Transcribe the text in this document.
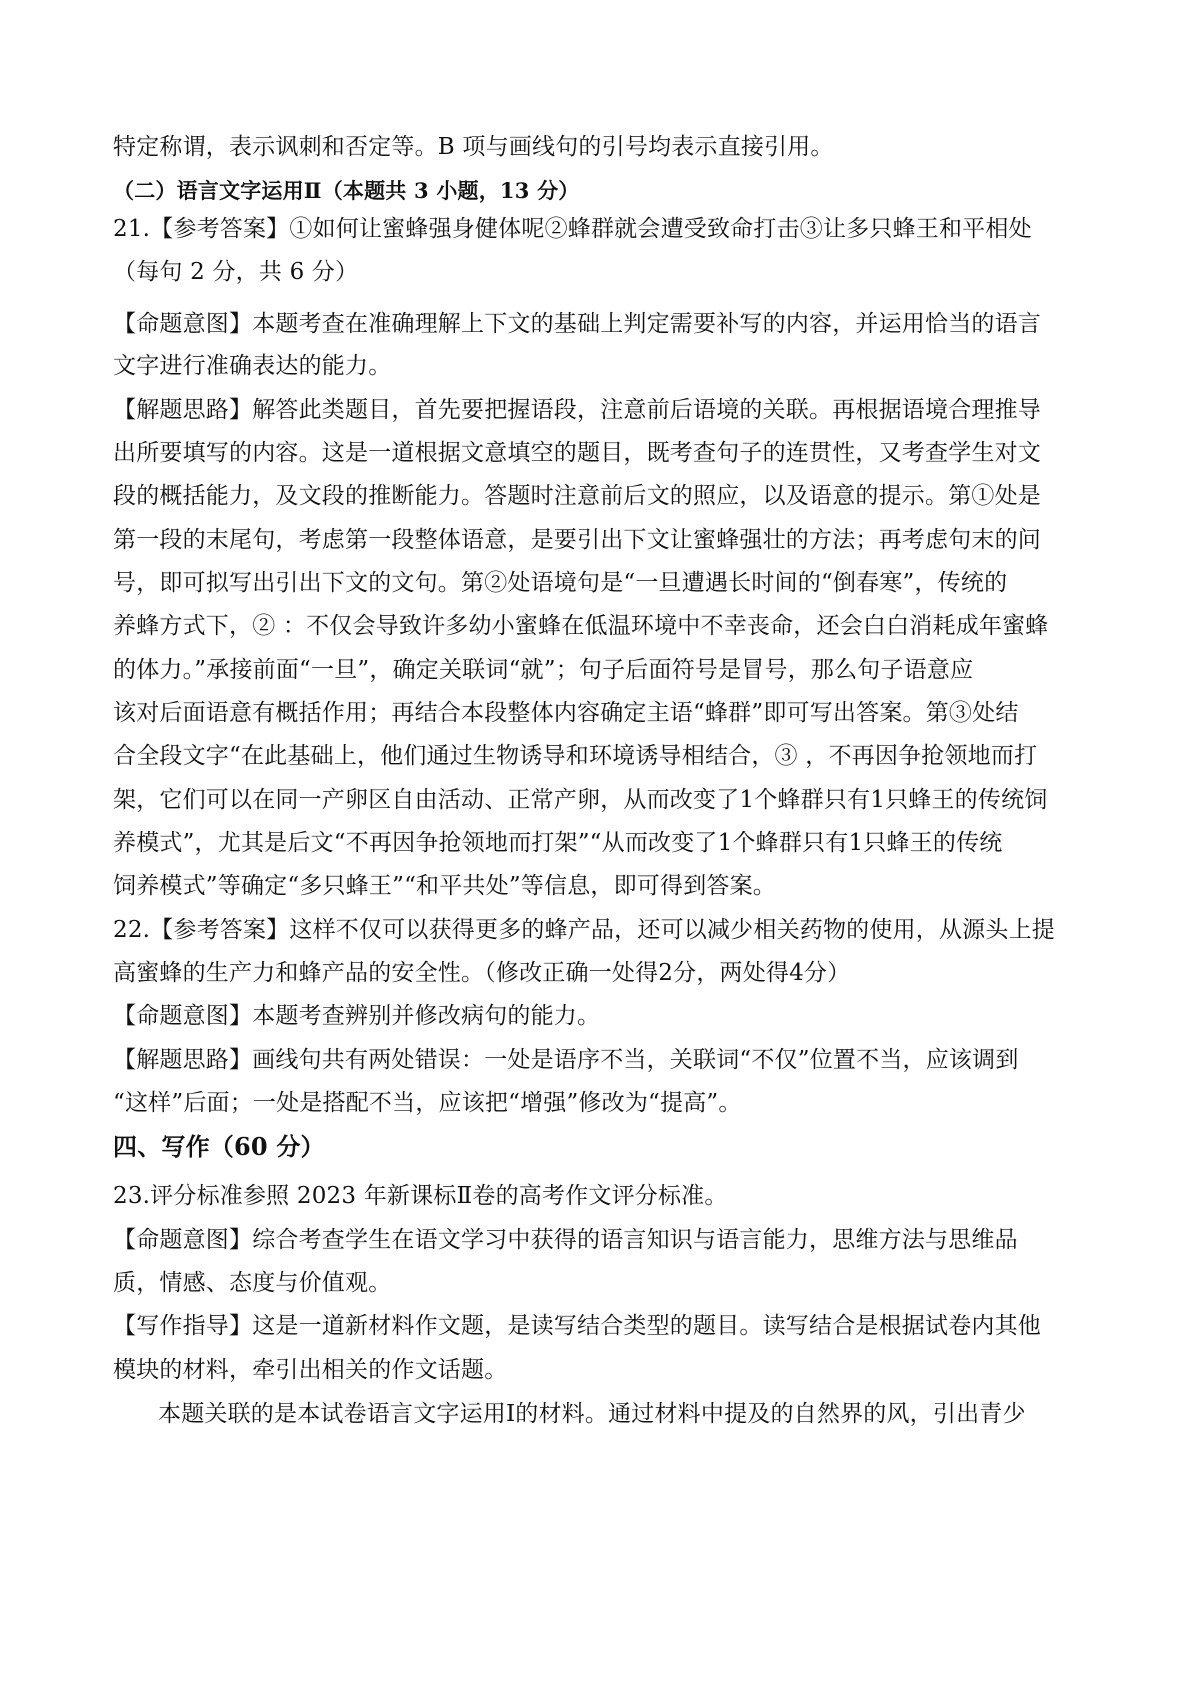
特定称谓，表示讽刺和否定等。B 项与画线句的引号均表示直接引用。

（二）语言文字运用Ⅱ（本题共 3 小题，13 分）

21.【参考答案】①如何让蜜蜂强身健体呢②蜂群就会遭受致命打击③让多只蜂王和平相处

（每句 2 分，共 6 分）

【命题意图】本题考查在准确理解上下文的基础上判定需要补写的内容，并运用恰当的语言

文字进行准确表达的能力。

【解题思路】解答此类题目，首先要把握语段，注意前后语境的关联。再根据语境合理推导

出所要填写的内容。这是一道根据文意填空的题目，既考查句子的连贯性，又考查学生对文

段的概括能力，及文段的推断能力。答题时注意前后文的照应，以及语意的提示。第①处是

第一段的末尾句，考虑第一段整体语意，是要引出下文让蜜蜂强壮的方法；再考虑句末的问

号，即可拟写出引出下文的文句。第②处语境句是“一旦遭遇长时间的“倒春寒”，传统的

养蜂方式下，② ：不仅会导致许多幼小蜜蜂在低温环境中不幸丧命，还会白白消耗成年蜜蜂

的体力。”承接前面“一旦”，确定关联词“就”；句子后面符号是冒号，那么句子语意应

该对后面语意有概括作用；再结合本段整体内容确定主语“蜂群”即可写出答案。第③处结

合全段文字“在此基础上，他们通过生物诱导和环境诱导相结合，③ ，不再因争抢领地而打

架，它们可以在同一产卵区自由活动、正常产卵，从而改变了1个蜂群只有1只蜂王的传统饲

养模式”，尤其是后文“不再因争抢领地而打架”“从而改变了1个蜂群只有1只蜂王的传统

饲养模式”等确定“多只蜂王”“和平共处”等信息，即可得到答案。

22.【参考答案】这样不仅可以获得更多的蜂产品，还可以减少相关药物的使用，从源头上提

高蜜蜂的生产力和蜂产品的安全性。（修改正确一处得2分，两处得4分）

【命题意图】本题考查辨别并修改病句的能力。

【解题思路】画线句共有两处错误：一处是语序不当，关联词“不仅”位置不当，应该调到

“这样”后面；一处是搭配不当，应该把“增强”修改为“提高”。

四、写作（60 分）

23.评分标准参照 2023 年新课标Ⅱ卷的高考作文评分标准。

【命题意图】综合考查学生在语文学习中获得的语言知识与语言能力，思维方法与思维品

质，情感、态度与价值观。

【写作指导】这是一道新材料作文题，是读写结合类型的题目。读写结合是根据试卷内其他

模块的材料，牵引出相关的作文话题。

本题关联的是本试卷语言文字运用Ⅰ的材料。通过材料中提及的自然界的风，引出青少
